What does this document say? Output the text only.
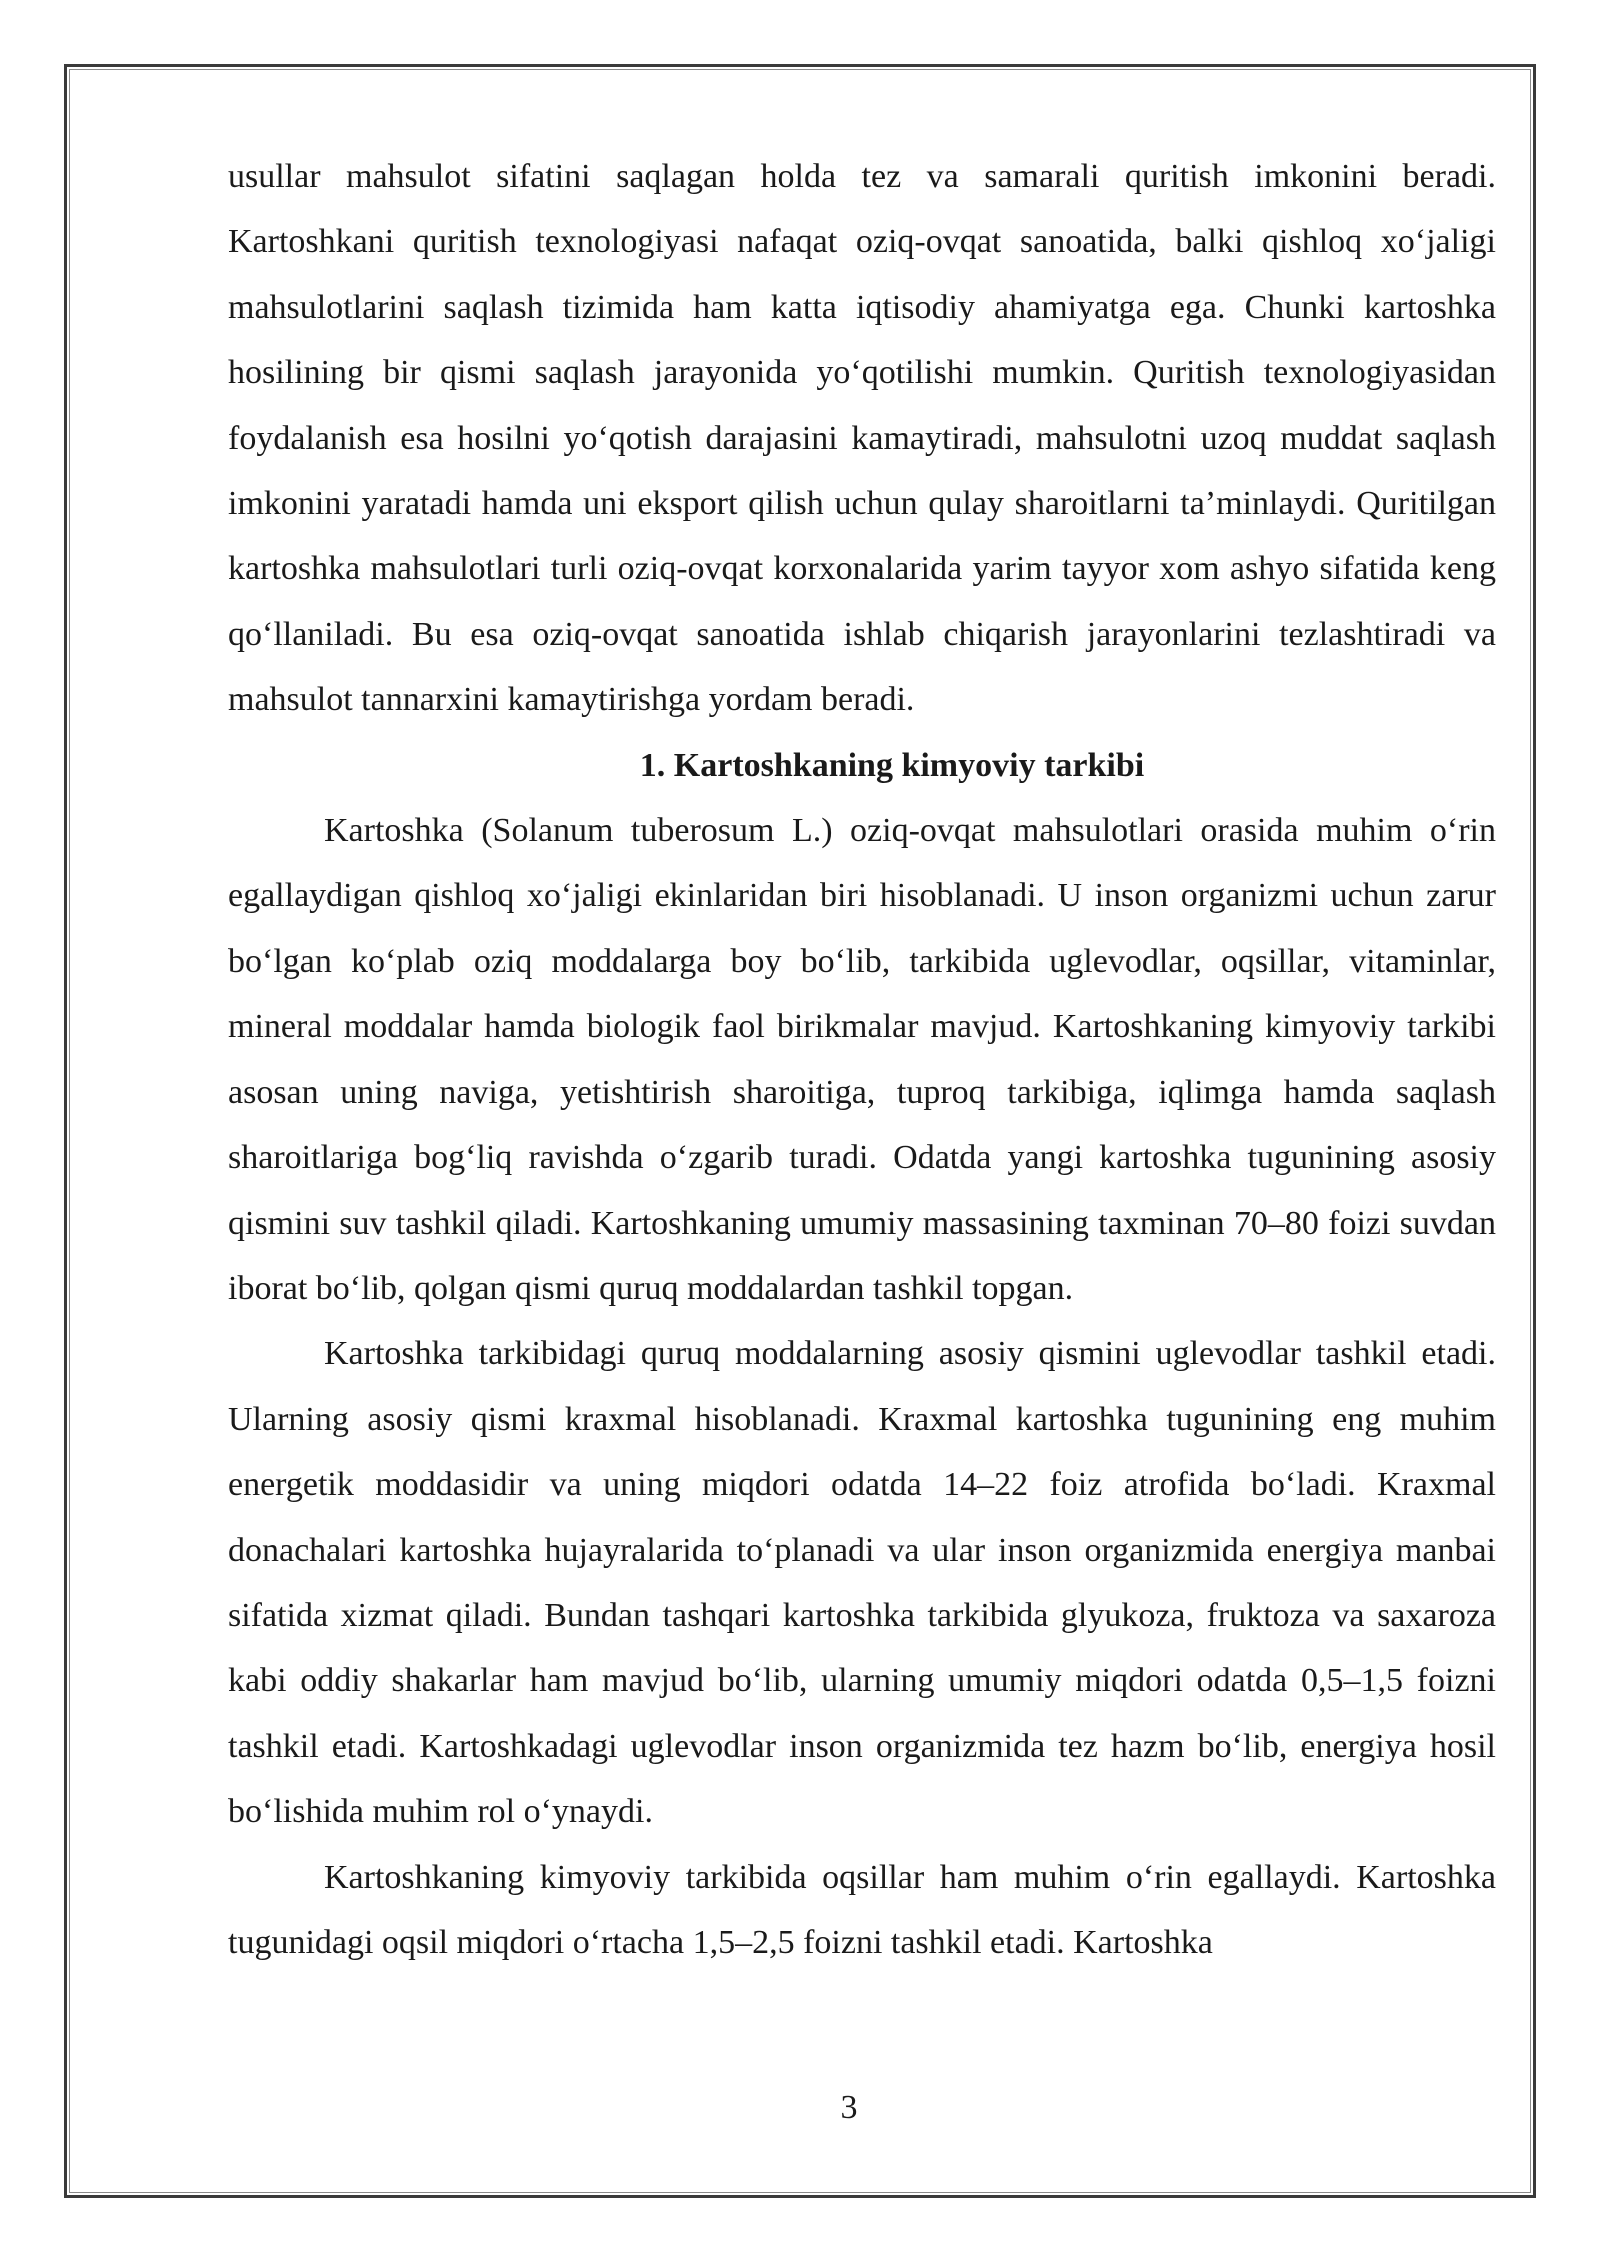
usullar mahsulot sifatini saqlagan holda tez va samarali quritish imkonini beradi. Kartoshkani quritish texnologiyasi nafaqat oziq-ovqat sanoatida, balki qishloq xo‘jaligi mahsulotlarini saqlash tizimida ham katta iqtisodiy ahamiyatga ega. Chunki kartoshka hosilining bir qismi saqlash jarayonida yo‘qotilishi mumkin. Quritish texnologiyasidan foydalanish esa hosilni yo‘qotish darajasini kamaytiradi, mahsulotni uzoq muddat saqlash imkonini yaratadi hamda uni eksport qilish uchun qulay sharoitlarni ta’minlaydi. Quritilgan kartoshka mahsulotlari turli oziq-ovqat korxonalarida yarim tayyor xom ashyo sifatida keng qo‘llaniladi. Bu esa oziq-ovqat sanoatida ishlab chiqarish jarayonlarini tezlashtiradi va mahsulot tannarxini kamaytirishga yordam beradi.

1. Kartoshkaning kimyoviy tarkibi

Kartoshka (Solanum tuberosum L.) oziq-ovqat mahsulotlari orasida muhim o‘rin egallaydigan qishloq xo‘jaligi ekinlaridan biri hisoblanadi. U inson organizmi uchun zarur bo‘lgan ko‘plab oziq moddalarga boy bo‘lib, tarkibida uglevodlar, oqsillar, vitaminlar, mineral moddalar hamda biologik faol birikmalar mavjud. Kartoshkaning kimyoviy tarkibi asosan uning naviga, yetishtirish sharoitiga, tuproq tarkibiga, iqlimga hamda saqlash sharoitlariga bog‘liq ravishda o‘zgarib turadi. Odatda yangi kartoshka tugunining asosiy qismini suv tashkil qiladi. Kartoshkaning umumiy massasining taxminan 70–80 foizi suvdan iborat bo‘lib, qolgan qismi quruq moddalardan tashkil topgan.

Kartoshka tarkibidagi quruq moddalarning asosiy qismini uglevodlar tashkil etadi. Ularning asosiy qismi kraxmal hisoblanadi. Kraxmal kartoshka tugunining eng muhim energetik moddasidir va uning miqdori odatda 14–22 foiz atrofida bo‘ladi. Kraxmal donachalari kartoshka hujayralarida to‘planadi va ular inson organizmida energiya manbai sifatida xizmat qiladi. Bundan tashqari kartoshka tarkibida glyukoza, fruktoza va saxaroza kabi oddiy shakarlar ham mavjud bo‘lib, ularning umumiy miqdori odatda 0,5–1,5 foizni tashkil etadi. Kartoshkadagi uglevodlar inson organizmida tez hazm bo‘lib, energiya hosil bo‘lishida muhim rol o‘ynaydi.

Kartoshkaning kimyoviy tarkibida oqsillar ham muhim o‘rin egallaydi. Kartoshka tugunidagi oqsil miqdori o‘rtacha 1,5–2,5 foizni tashkil etadi. Kartoshka

3
